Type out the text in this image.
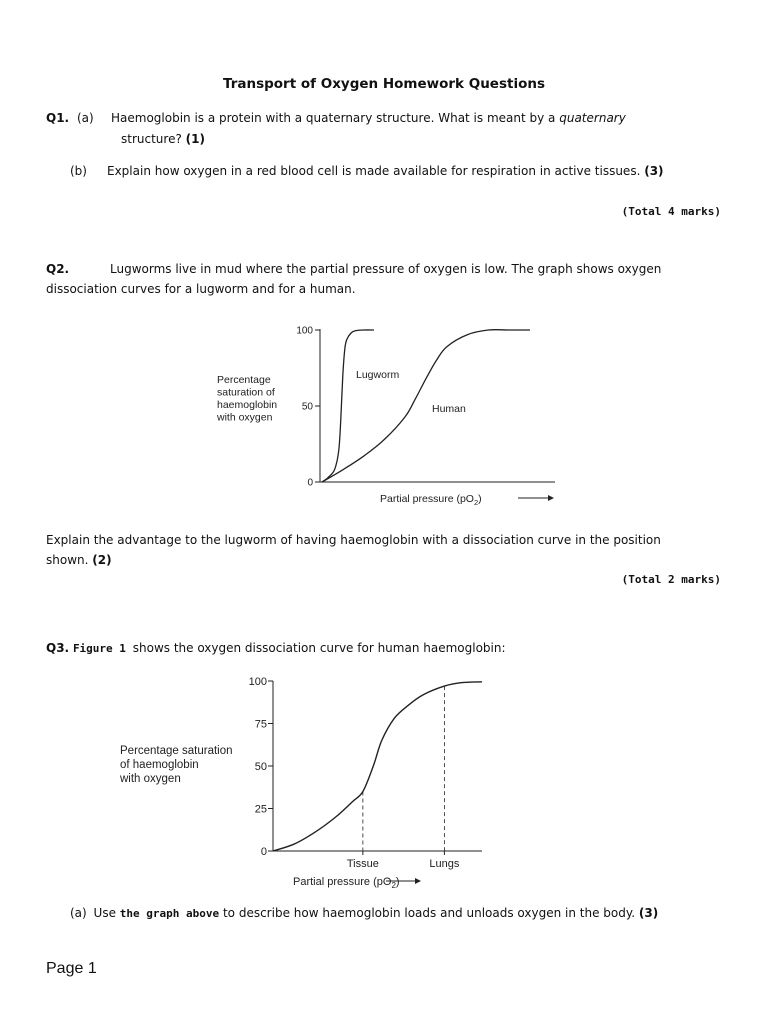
Transport of Oxygen Homework Questions
Q1. (a) Haemoglobin is a protein with a quaternary structure. What is meant by a quaternary
structure? (1)
(b) Explain how oxygen in a red blood cell is made available for respiration in active tissues. (3)
(Total 4 marks)
Q2.	Lugworms live in mud where the partial pressure of oxygen is low. The graph shows oxygen
dissociation curves for a lugworm and for a human.
Percentage
saturation of
haemoglobin
with oxygen
0
50
100
Lugworm
Human
Partial pressure $(pO_2)$
Explain the advantage to the lugworm of having haemoglobin with a dissociation curve in the position
shown. (2)
(Total 2 marks)
Q3. Figure 1 shows the oxygen dissociation curve for human haemoglobin:
Percentage saturation
of haemoglobin
with oxygen
0
25
50
75
100
Tissue	Lungs
Partial pressure $(pO_2)$
(a) Use the graph above to describe how haemoglobin loads and unloads oxygen in the body. (3)
Page 1
